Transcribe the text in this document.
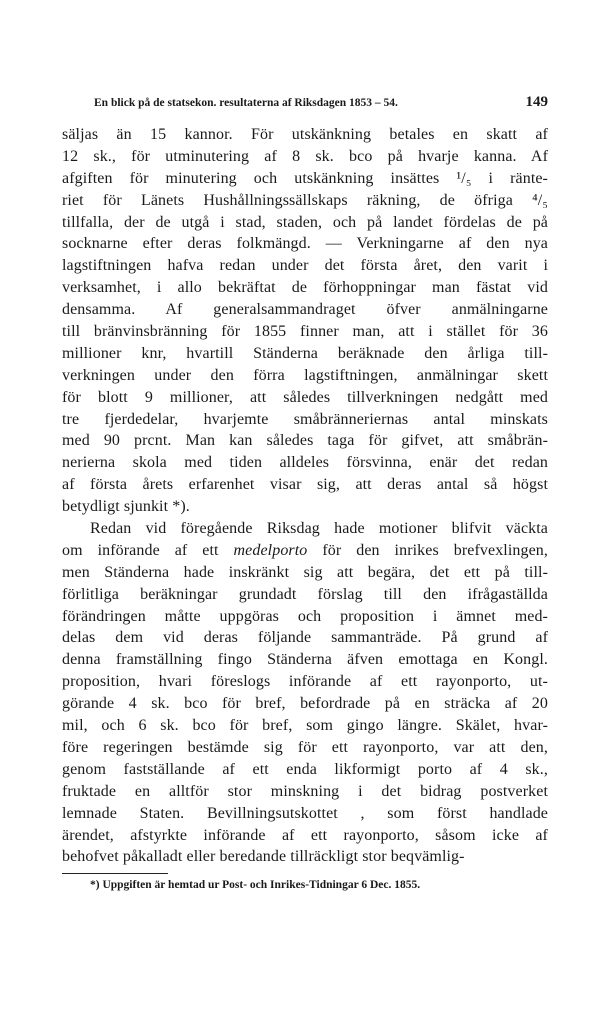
En blick på de statsekon. resultaterna af Riksdagen 1853 – 54.	149
säljas än 15 kannor. För utskänkning betales en skatt af
12 sk., för utminutering af 8 sk. bco på hvarje kanna. Af
afgiften för minutering och utskänkning insättes ¹/₅ i ränte-
riet för Länets Hushållningssällskaps räkning, de öfriga ⁴/₅
tillfalla, der de utgå i stad, staden, och på landet fördelas de på
socknarne efter deras folkmängd. — Verkningarne af den nya
lagstiftningen hafva redan under det första året, den varit i
verksamhet, i allo bekräftat de förhoppningar man fästat vid
densamma. Af generalsammandraget öfver anmälningarne
till bränvinsbränning för 1855 finner man, att i stället för 36
millioner knr, hvartill Ständerna beräknade den årliga till-
verkningen under den förra lagstiftningen, anmälningar skett
för blott 9 millioner, att således tillverkningen nedgått med
tre fjerdedelar, hvarjemte småbränneriernas antal minskats
med 90 prcnt. Man kan således taga för gifvet, att småbrän-
nerierna skola med tiden alldeles försvinna, enär det redan
af första årets erfarenhet visar sig, att deras antal så högst
betydligt sjunkit *).
Redan vid föregående Riksdag hade motioner blifvit väckta
om införande af ett medelporto för den inrikes brefvexlingen,
men Ständerna hade inskränkt sig att begära, det ett på till-
förlitliga beräkningar grundadt förslag till den ifrågaställda
förändringen måtte uppgöras och proposition i ämnet med-
delas dem vid deras följande sammanträde. På grund af
denna framställning fingo Ständerna äfven emottaga en Kongl.
proposition, hvari föreslogs införande af ett rayonporto, ut-
görande 4 sk. bco för bref, befordrade på en sträcka af 20
mil, och 6 sk. bco för bref, som gingo längre. Skälet, hvar-
före regeringen bestämde sig för ett rayonporto, var att den,
genom fastställande af ett enda likformigt porto af 4 sk.,
fruktade en alltför stor minskning i det bidrag postverket
lemnade Staten. Bevillningsutskottet , som först handlade
ärendet, afstyrkte införande af ett rayonporto, såsom icke af
behofvet påkalladt eller beredande tillräckligt stor beqvämlig-
*) Uppgiften är hemtad ur Post- och Inrikes-Tidningar 6 Dec. 1855.
